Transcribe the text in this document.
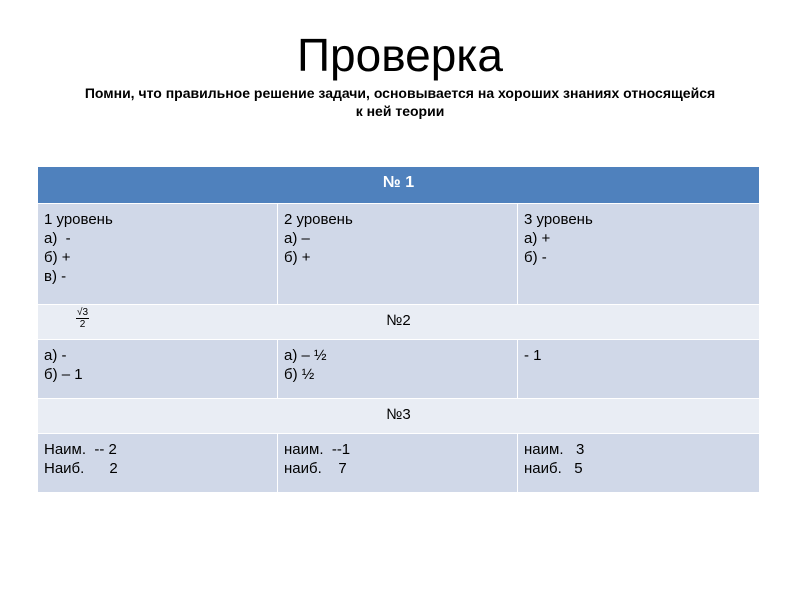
Проверка
Помни, что правильное решение задачи, основывается на хороших знаниях относящейся к ней теории
№ 1		

1 уровень
а)  -
б) +
в) -	2 уровень
а) –
б) +	3 уровень
а) +
б) -

$\frac{√3}{2}$ №2		

а) -
б) – 1	а) – ½
б) ½	- 1

№3		

Наим.  -- 2
Наиб.      2	наим.  --1
наиб.    7	наим.   3
наиб.   5
